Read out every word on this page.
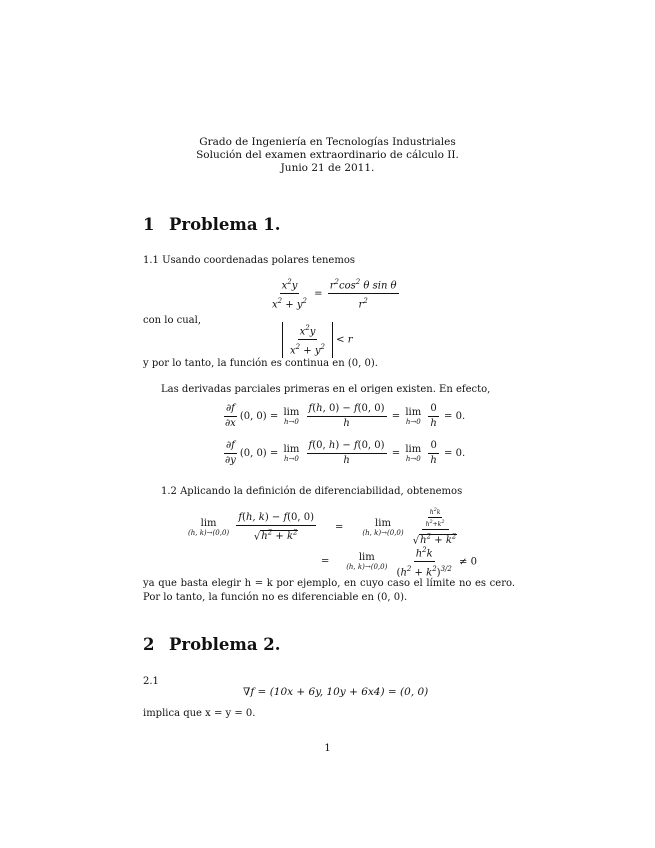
Grado de Ingeniería en Tecnologías Industriales
Solución del examen extraordinario de cálculo II.
Junio 21 de 2011.
1 Problema 1.
1.1 Usando coordenadas polares tenemos
$\frac{x^2y}{x^2 + y^2} = \frac{r^2\cos^2 \theta \sin \theta}{r^2}$
con lo cual,
$\frac{x^2y}{x^2 + y^2} < r$
y por lo tanto, la función es continua en (0, 0).
Las derivadas parciales primeras en el origen existen. En efecto,
$\frac{\partial f}{\partial x} (0$, 0) = lim
h→0
$\frac{f(h, 0) - f(0, 0)}{h} = \lim$
h→0
$\frac{0}{h} = 0$.
$\frac{\partial f}{\partial y} (0$, 0) = lim
h→0
$\frac{f(0, h) - f(0, 0)}{h} = \lim$
h→0
$\frac{0}{h} = 0$.
1.2 Aplicando la definición de diferenciabilidad, obtenemos
lim
(h, k)→(0,0)
$\frac{f(h, k) - f(0, 0)}{√h^2 + k^2}$ =	lim
(h, k)→(0,0)
$\frac{\frac{h^2k}{h^2+k^2}}{√h^2 + k^2}$
=	lim
(h, k)→(0,0)
$\frac{h^2k}{(h^2 + k^2)^{3/2}} \ne 0$
ya que basta elegir h = k por ejemplo, en cuyo caso el límite no es cero. Por lo tanto, la función no es diferenciable en (0, 0).
2 Problema 2.
2.1
∇f = (10x + 6y, 10y + 6x4) = (0, 0)
implica que x = y = 0.
1
